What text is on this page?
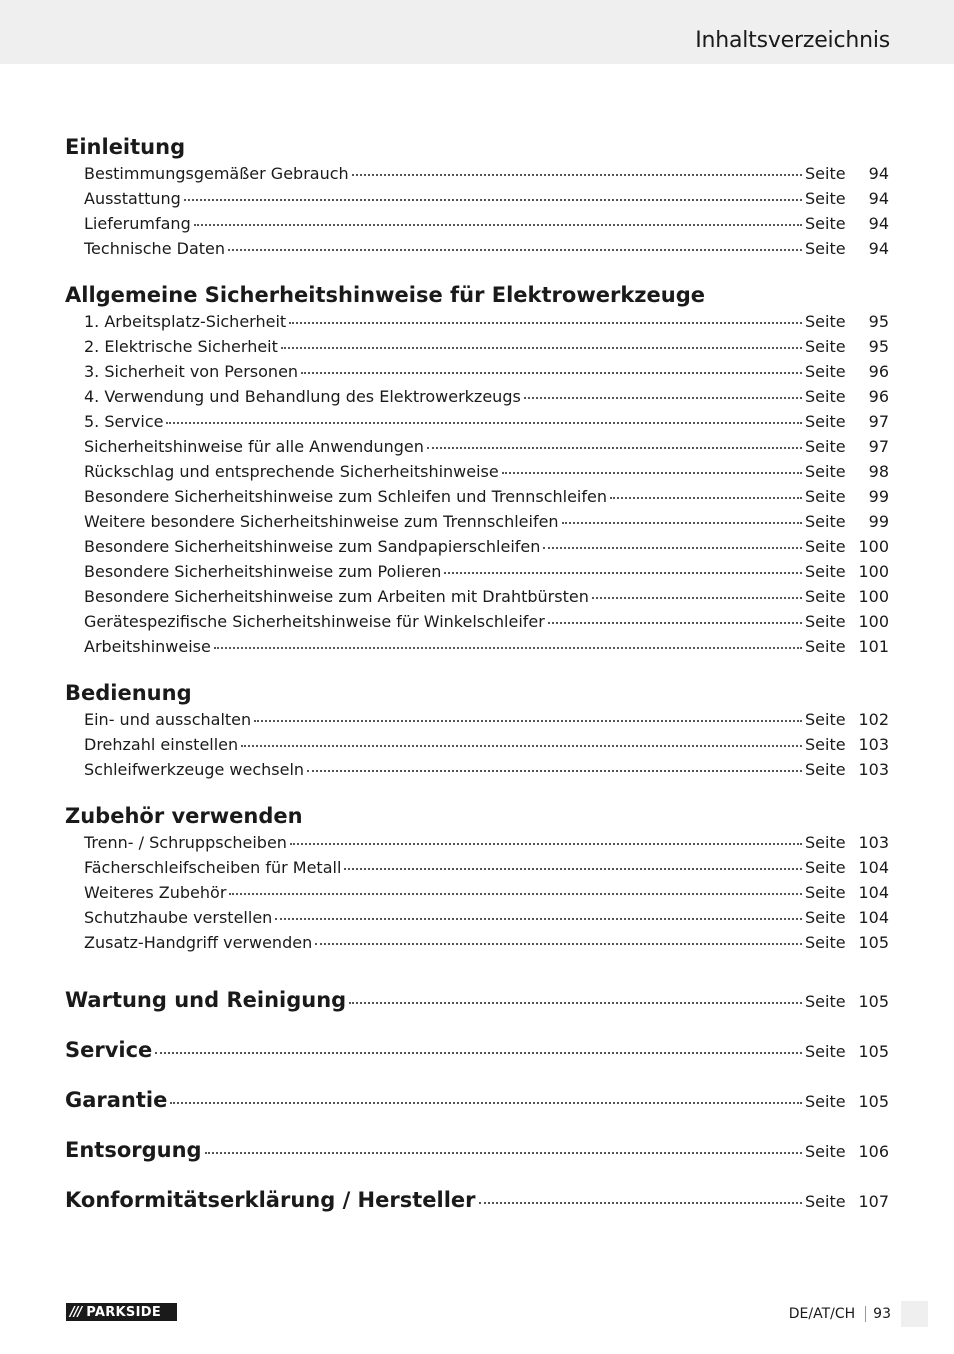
Inhaltsverzeichnis
Einleitung
Bestimmungsgemäßer Gebrauch	Seite	94
Ausstattung	Seite	94
Lieferumfang	Seite	94
Technische Daten	Seite	94
Allgemeine Sicherheitshinweise für Elektrowerkzeuge
1. Arbeitsplatz-Sicherheit	Seite	95
2. Elektrische Sicherheit	Seite	95
3. Sicherheit von Personen	Seite	96
4. Verwendung und Behandlung des Elektrowerkzeugs	Seite	96
5. Service	Seite	97
Sicherheitshinweise für alle Anwendungen	Seite	97
Rückschlag und entsprechende Sicherheitshinweise	Seite	98
Besondere Sicherheitshinweise zum Schleifen und Trennschleifen	Seite	99
Weitere besondere Sicherheitshinweise zum Trennschleifen	Seite	99
Besondere Sicherheitshinweise zum Sandpapierschleifen	Seite 100
Besondere Sicherheitshinweise zum Polieren	Seite 100
Besondere Sicherheitshinweise zum Arbeiten mit Drahtbürsten	Seite 100
Gerätespezifische Sicherheitshinweise für Winkelschleifer	Seite 100
Arbeitshinweise	Seite 101
Bedienung
Ein- und ausschalten	Seite 102
Drehzahl einstellen	Seite 103
Schleifwerkzeuge wechseln	Seite 103
Zubehör verwenden
Trenn- / Schruppscheiben	Seite 103
Fächerschleifscheiben für Metall	Seite 104
Weiteres Zubehör	Seite 104
Schutzhaube verstellen	Seite 104
Zusatz-Handgriff verwenden	Seite 105
Wartung und Reinigung	Seite 105
Service	Seite 105
Garantie	Seite 105
Entsorgung	Seite 106
Konformitätserklärung / Hersteller	Seite 107
/// PARKSIDE	DE/AT/CH	93
